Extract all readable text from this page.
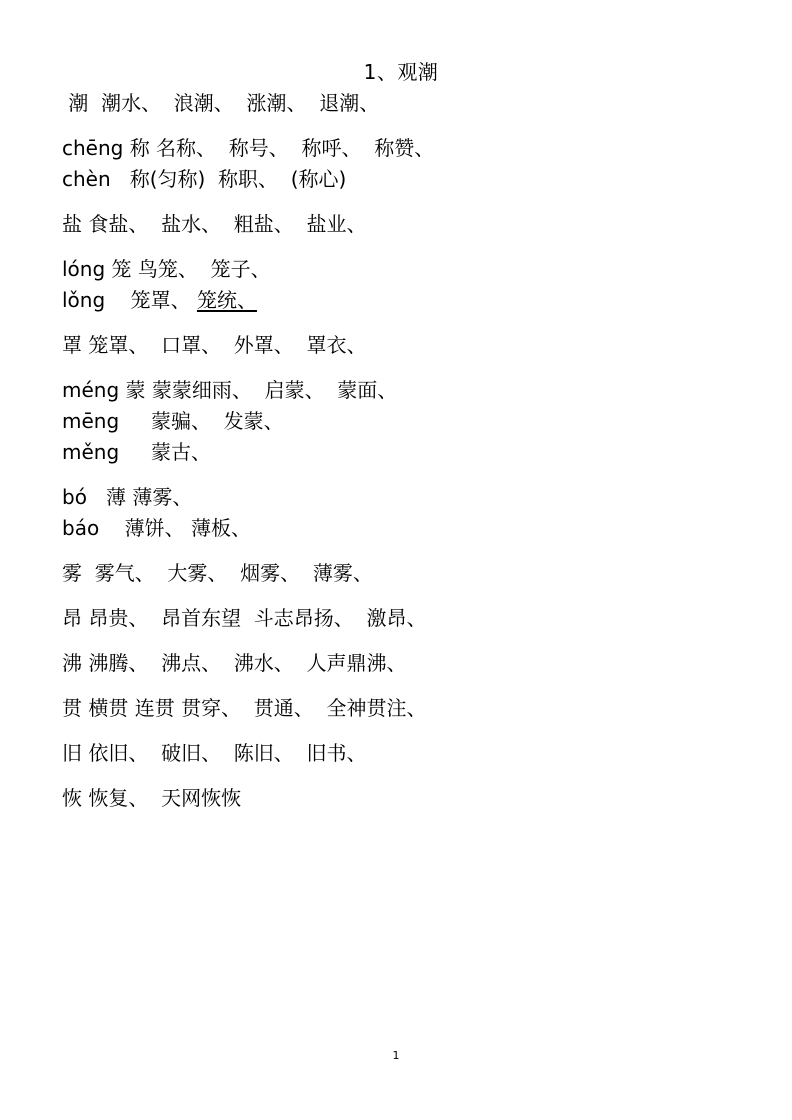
1、观潮
潮  潮水、  浪潮、  涨潮、  退潮、
chēng 称 名称、  称号、  称呼、  称赞、
chèn   称(匀称)  称职、  (称心)
盐 食盐、  盐水、  粗盐、  盐业、
lóng 笼 鸟笼、  笼子、
lǒng    笼罩、 笼统、
罩 笼罩、  口罩、  外罩、  罩衣、
méng 蒙 蒙蒙细雨、  启蒙、  蒙面、
mēng     蒙骗、  发蒙、
měng     蒙古、
bó   薄 薄雾、
báo    薄饼、 薄板、
雾  雾气、  大雾、  烟雾、  薄雾、
昂 昂贵、  昂首东望  斗志昂扬、  激昂、
沸 沸腾、  沸点、  沸水、  人声鼎沸、
贯 横贯 连贯 贯穿、  贯通、  全神贯注、
旧 依旧、  破旧、  陈旧、  旧书、
恢 恢复、  天网恢恢
1
